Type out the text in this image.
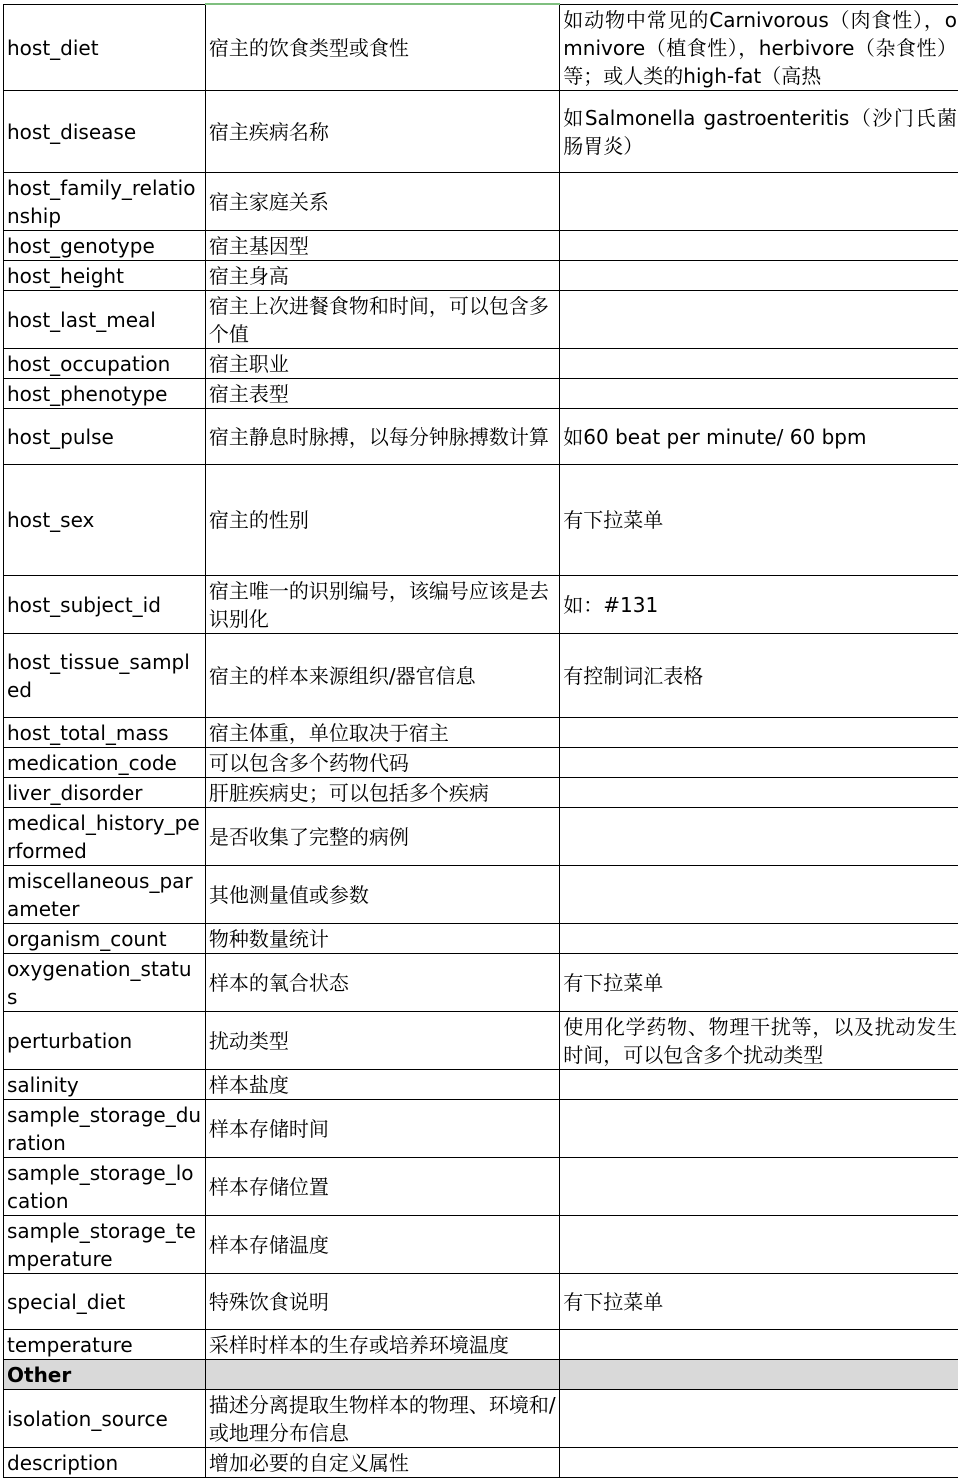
host_diet	宿主的饮食类型或食性	如动物中常见的Carnivorous（肉食性），omnivore（植食性），herbivore（杂食性）等；或人类的high-fat（高热
host_disease	宿主疾病名称	如Salmonella gastroenteritis（沙门氏菌肠胃炎）
host_family_relationship	宿主家庭关系	
host_genotype	宿主基因型	
host_height	宿主身高	
host_last_meal	宿主上次进餐食物和时间，可以包含多个值	
host_occupation	宿主职业	
host_phenotype	宿主表型	
host_pulse	宿主静息时脉搏，以每分钟脉搏数计算	如60 beat per minute/ 60 bpm
host_sex	宿主的性别	有下拉菜单
host_subject_id	宿主唯一的识别编号，该编号应该是去识别化	如：#131
host_tissue_sampled	宿主的样本来源组织/器官信息	有控制词汇表格
host_total_mass	宿主体重，单位取决于宿主	
medication_code	可以包含多个药物代码	
liver_disorder	肝脏疾病史；可以包括多个疾病	
medical_history_performed	是否收集了完整的病例	
miscellaneous_parameter	其他测量值或参数	
organism_count	物种数量统计	
oxygenation_status	样本的氧合状态	有下拉菜单
perturbation	扰动类型	使用化学药物、物理干扰等，以及扰动发生时间，可以包含多个扰动类型
salinity	样本盐度	
sample_storage_duration	样本存储时间	
sample_storage_location	样本存储位置	
sample_storage_temperature	样本存储温度	
special_diet	特殊饮食说明	有下拉菜单
temperature	采样时样本的生存或培养环境温度	
Other		
isolation_source	描述分离提取生物样本的物理、环境和/或地理分布信息	
description	增加必要的自定义属性	
